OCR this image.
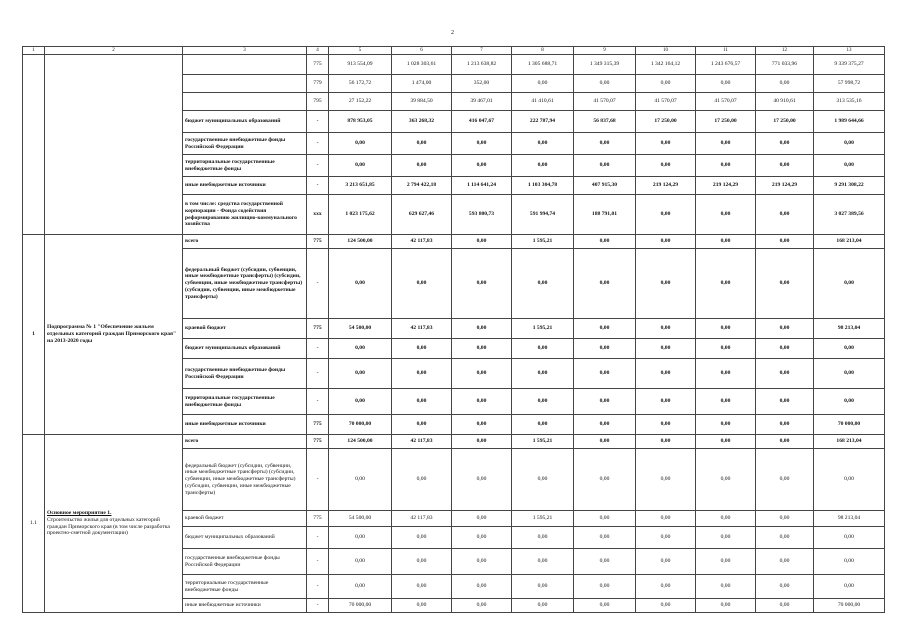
2
1	2	3	4	5	6	7	8	9	10	11	12	13
			775	913 554,09	1 028 303,61	1 213 638,82	1 305 688,71	1 349 315,39	1 342 164,12	1 243 676,57	771 033,96	9 339 375,27
			779	56 172,72	1 474,00	352,00	0,00	0,00	0,00	0,00	0,00	57 998,72
			795	27 152,22	39 884,50	39 467,01	41 410,61	41 570,07	41 570,07	41 570,07	40 910,61	313 535,16
		бюджет муниципальных образований	-	878 953,05	363 268,32	416 047,67	222 787,94	56 837,68	17 250,00	17 250,00	17 250,00	1 989 644,66
		государственные внебюджетные фонды Российской Федерации	-	0,00	0,00	0,00	0,00	0,00	0,00	0,00	0,00	0,00
		территориальные государственные внебюджетные фонды	-	0,00	0,00	0,00	0,00	0,00	0,00	0,00	0,00	0,00
		иные внебюджетные источники	-	3 213 651,85	2 794 422,18	1 114 641,24	1 103 304,78	407 915,30	219 124,29	219 124,29	219 124,29	9 291 308,22
		в том числе: средства государственной корпорации - Фонда содействия реформированию жилищно-коммунального хозяйства	ххх	1 023 175,62	629 627,46	593 800,73	591 994,74	188 791,01	0,00	0,00	0,00	3 027 389,56
1	Подпрограмма № 1 "Обеспечение жильем отдельных категорий граждан Приморского края" на 2013-2020 годы	всего	775	124 500,00	42 117,83	0,00	1 595,21	0,00	0,00	0,00	0,00	168 213,04
		федеральный бюджет (субсидии, субвенции, иные межбюджетные трансферты) (субсидии, субвенции, иные межбюджетные трансферты) (субсидии, субвенции, иные межбюджетные трансферты)	-	0,00	0,00	0,00	0,00	0,00	0,00	0,00	0,00	0,00
		краевой бюджет	775	54 500,00	42 117,83	0,00	1 595,21	0,00	0,00	0,00	0,00	98 213,04
		бюджет муниципальных образований	-	0,00	0,00	0,00	0,00	0,00	0,00	0,00	0,00	0,00
		государственные внебюджетные фонды Российской Федерации	-	0,00	0,00	0,00	0,00	0,00	0,00	0,00	0,00	0,00
		территориальные государственные внебюджетные фонды	-	0,00	0,00	0,00	0,00	0,00	0,00	0,00	0,00	0,00
		иные внебюджетные источники	775	70 000,00	0,00	0,00	0,00	0,00	0,00	0,00	0,00	70 000,00
1.1	Основное мероприятие 1.
Строительство жилья для отдельных категорий граждан Приморского края (в том числе разработка проектно-сметной документации)	всего	775	124 500,00	42 117,83	0,00	1 595,21	0,00	0,00	0,00	0,00	168 213,04
		федеральный бюджет (субсидии, субвенции, иные межбюджетные трансферты) (субсидии, субвенции, иные межбюджетные трансферты) (субсидии, субвенции, иные межбюджетные трансферты)	-	0,00	0,00	0,00	0,00	0,00	0,00	0,00	0,00	0,00
		краевой бюджет	775	54 500,00	42 117,83	0,00	1 595,21	0,00	0,00	0,00	0,00	98 213,04
		бюджет муниципальных образований	-	0,00	0,00	0,00	0,00	0,00	0,00	0,00	0,00	0,00
		государственные внебюджетные фонды Российской Федерации	-	0,00	0,00	0,00	0,00	0,00	0,00	0,00	0,00	0,00
		территориальные государственные внебюджетные фонды	-	0,00	0,00	0,00	0,00	0,00	0,00	0,00	0,00	0,00
		иные внебюджетные источники	-	70 000,00	0,00	0,00	0,00	0,00	0,00	0,00	0,00	70 000,00
